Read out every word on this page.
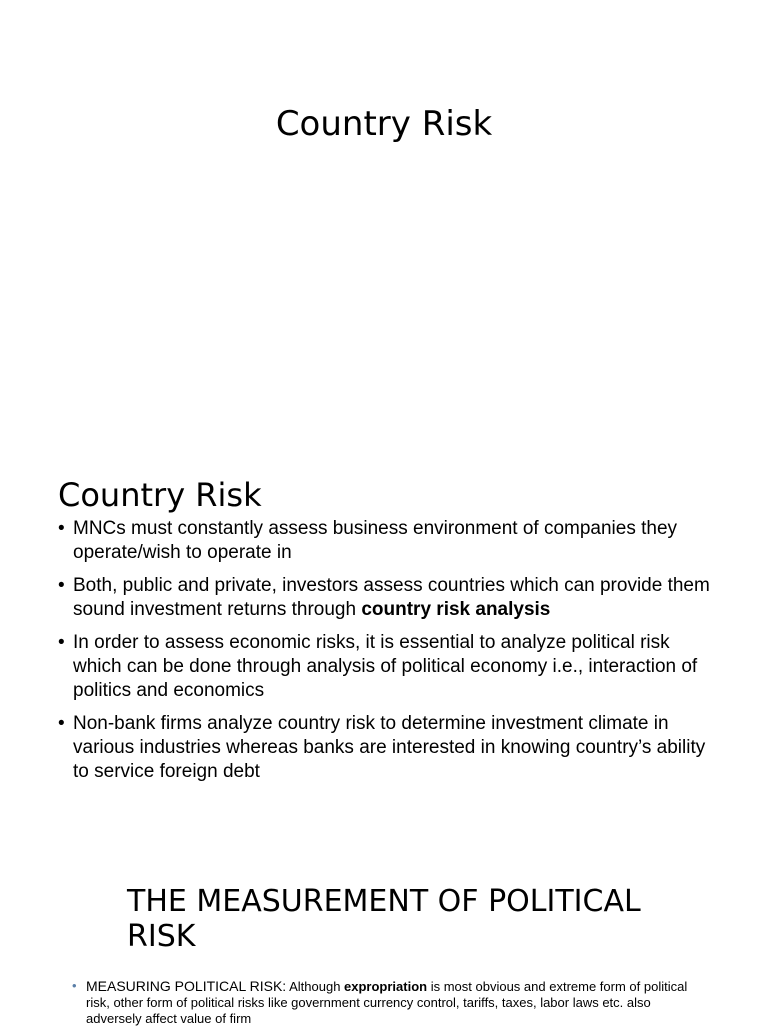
Country Risk
Country Risk
• MNCs must constantly assess business environment of companies they operate/wish to operate in
• Both, public and private, investors assess countries which can provide them sound investment returns through country risk analysis
• In order to assess economic risks, it is essential to analyze political risk which can be done through analysis of political economy i.e., interaction of politics and economics
• Non-bank firms analyze country risk to determine investment climate in various industries whereas banks are interested in knowing country’s ability to service foreign debt
THE MEASUREMENT OF POLITICAL RISK
• MEASURING POLITICAL RISK: Although expropriation is most obvious and extreme form of political risk, other form of political risks like government currency control, tariffs, taxes, labor laws etc. also adversely affect value of firm
